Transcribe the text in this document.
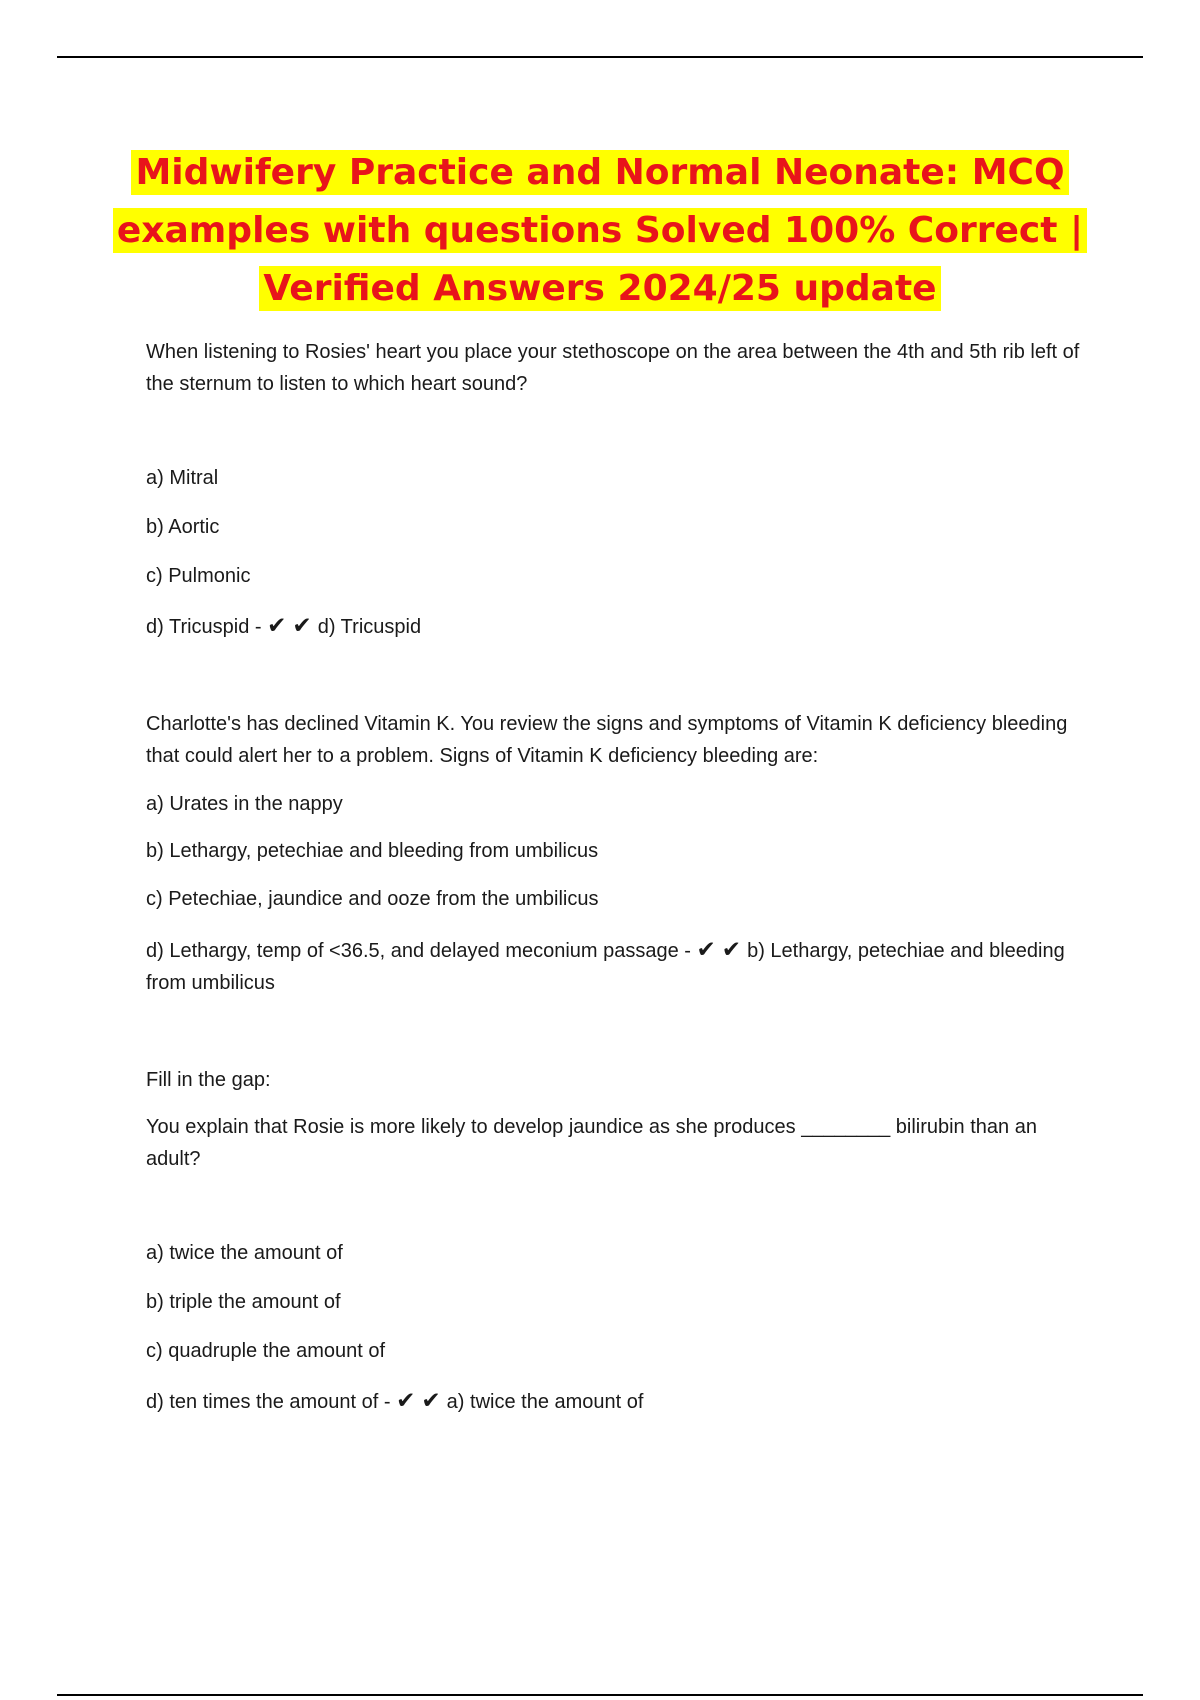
Midwifery Practice and Normal Neonate: MCQ
examples with questions Solved 100% Correct |
Verified Answers 2024/25 update

When listening to Rosies' heart you place your stethoscope on the area between the 4th and 5th rib left of the sternum to listen to which heart sound?

a) Mitral

b) Aortic

c) Pulmonic

d) Tricuspid - ✔✔d) Tricuspid

Charlotte's has declined Vitamin K. You review the signs and symptoms of Vitamin K deficiency bleeding that could alert her to a problem. Signs of Vitamin K deficiency bleeding are:

a) Urates in the nappy

b) Lethargy, petechiae and bleeding from umbilicus

c) Petechiae, jaundice and ooze from the umbilicus

d) Lethargy, temp of <36.5, and delayed meconium passage - ✔✔b) Lethargy, petechiae and bleeding from umbilicus

Fill in the gap:

You explain that Rosie is more likely to develop jaundice as she produces ________ bilirubin than an adult?

a) twice the amount of

b) triple the amount of

c) quadruple the amount of

d) ten times the amount of - ✔✔a) twice the amount of
